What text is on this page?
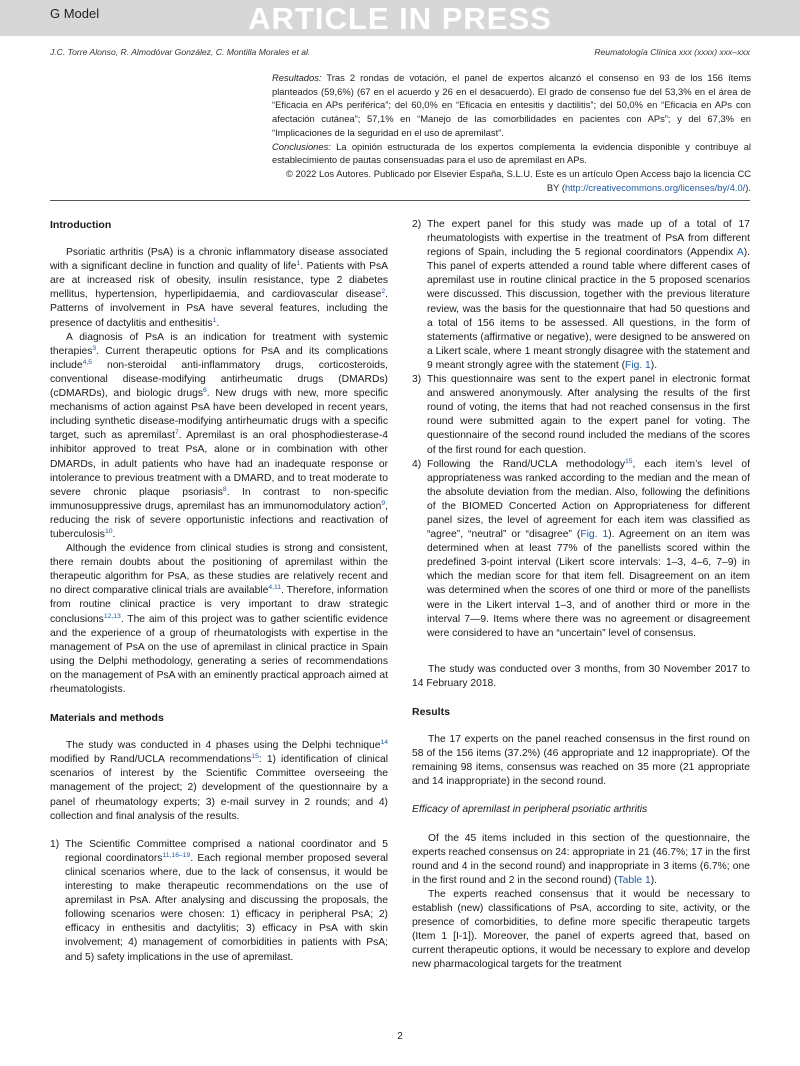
G Model	ARTICLE IN PRESS
J.C. Torre Alonso, R. Almodóvar González, C. Montilla Morales et al.	Reumatología Clínica xxx (xxxx) xxx–xxx

Resultados: Tras 2 rondas de votación, el panel de expertos alcanzó el consenso en 93 de los 156 ítems planteados (59,6%) (67 en el acuerdo y 26 en el desacuerdo). El grado de consenso fue del 53,3% en el área de “Eficacia en APs periférica”; del 60,0% en “Eficacia en entesitis y dactilitis”; del 50,0% en “Eficacia en APs con afectación cutánea”; 57,1% en “Manejo de las comorbilidades en pacientes con APs”; y del 67,3% en “Implicaciones de la seguridad en el uso de apremilast”.

Conclusiones: La opinión estructurada de los expertos complementa la evidencia disponible y contribuye al establecimiento de pautas consensuadas para el uso de apremilast en APs.

© 2022 Los Autores. Publicado por Elsevier España, S.L.U. Este es un artículo Open Access bajo la licencia CC BY (http://creativecommons.org/licenses/by/4.0/).

Introduction

Psoriatic arthritis (PsA) is a chronic inflammatory disease associated with a significant decline in function and quality of life$^1$. Patients with PsA are at increased risk of obesity, insulin resistance, type 2 diabetes mellitus, hypertension, hyperlipidaemia, and cardiovascular disease$^2$. Patterns of involvement in PsA have several features, including the presence of dactylitis and enthesitis$^1$.

A diagnosis of PsA is an indication for treatment with systemic therapies$^3$. Current therapeutic options for PsA and its complications include$^{4,5}$ non-steroidal anti-inflammatory drugs, corticosteroids, conventional disease-modifying antirheumatic drugs (DMARDs) (cDMARDs), and biologic drugs$^6$. New drugs with new, more specific mechanisms of action against PsA have been developed in recent years, including synthetic disease-modifying antirheumatic drugs with a specific target, such as apremilast$^7$. Apremilast is an oral phosphodiesterase-4 inhibitor approved to treat PsA, alone or in combination with other DMARDs, in adult patients who have had an inadequate response or intolerance to previous treatment with a DMARD, and to treat moderate to severe chronic plaque psoriasis$^8$. In contrast to non-specific immunosuppressive drugs, apremilast has an immunomodulatory action$^9$, reducing the risk of severe opportunistic infections and reactivation of tuberculosis$^{10}$.

Although the evidence from clinical studies is strong and consistent, there remain doubts about the positioning of apremilast within the therapeutic algorithm for PsA, as these studies are relatively recent and no direct comparative clinical trials are available$^{4,11}$. Therefore, information from routine clinical practice is very important to draw strategic conclusions$^{12,13}$. The aim of this project was to gather scientific evidence and the experience of a group of rheumatologists with expertise in the management of PsA on the use of apremilast in clinical practice in Spain using the Delphi methodology, generating a series of recommendations on the management of PsA with an eminently practical approach aimed at rheumatologists.

Materials and methods

The study was conducted in 4 phases using the Delphi technique$^{14}$ modified by Rand/UCLA recommendations$^{15}$: 1) identification of clinical scenarios of interest by the Scientific Committee overseeing the management of the project; 2) development of the questionnaire by a panel of rheumatology experts; 3) e-mail survey in 2 rounds; and 4) collection and final analysis of the results.

1) The Scientific Committee comprised a national coordinator and 5 regional coordinators$^{11,16-19}$. Each regional member proposed several clinical scenarios where, due to the lack of consensus, it would be interesting to make therapeutic recommendations on the use of apremilast in PsA. After analysing and discussing the proposals, the following scenarios were chosen: 1) efficacy in peripheral PsA; 2) efficacy in enthesitis and dactylitis; 3) efficacy in PsA with skin involvement; 4) management of comorbidities in patients with PsA; and 5) safety implications in the use of apremilast.
2) The expert panel for this study was made up of a total of 17 rheumatologists with expertise in the treatment of PsA from different regions of Spain, including the 5 regional coordinators (Appendix A). This panel of experts attended a round table where different cases of apremilast use in routine clinical practice in the 5 proposed scenarios were discussed. This discussion, together with the previous literature review, was the basis for the questionnaire that had 50 questions and a total of 156 items to be assessed. All questions, in the form of statements (affirmative or negative), were designed to be answered on a Likert scale, where 1 meant strongly disagree with the statement and 9 meant strongly agree with the statement (Fig. 1).
3) This questionnaire was sent to the expert panel in electronic format and answered anonymously. After analysing the results of the first round of voting, the items that had not reached consensus in the first round were submitted again to the expert panel for voting. The questionnaire of the second round included the medians of the scores of the first round for each question.
4) Following the Rand/UCLA methodology$^{15}$, each item’s level of appropriateness was ranked according to the median and the mean of the absolute deviation from the median. Also, following the definitions of the BIOMED Concerted Action on Appropriateness for different panel sizes, the level of agreement for each item was classified as “agree”, “neutral” or “disagree” (Fig. 1). Agreement on an item was determined when at least 77% of the panellists scored within the predefined 3-point interval (Likert score intervals: 1–3, 4–6, 7–9) in which the median score for that item fell. Disagreement on an item was determined when the scores of one third or more of the panellists were in the Likert interval 1–3, and of another third or more in the interval 7—9. Items where there was no agreement or disagreement were considered to have an “uncertain” level of consensus.

The study was conducted over 3 months, from 30 November 2017 to 14 February 2018.

Results

The 17 experts on the panel reached consensus in the first round on 58 of the 156 items (37.2%) (46 appropriate and 12 inappropriate). Of the remaining 98 items, consensus was reached on 35 more (21 appropriate and 14 inappropriate) in the second round.

Efficacy of apremilast in peripheral psoriatic arthritis

Of the 45 items included in this section of the questionnaire, the experts reached consensus on 24: appropriate in 21 (46.7%; 17 in the first round and 4 in the second round) and inappropriate in 3 items (6.7%; one in the first round and 2 in the second round) (Table 1).

The experts reached consensus that it would be necessary to establish (new) classifications of PsA, according to site, activity, or the presence of comorbidities, to define more specific therapeutic targets (Item 1 [I-1]). Moreover, the panel of experts agreed that, based on current therapeutic options, it would be necessary to explore and develop new pharmacological targets for the treatment

2
